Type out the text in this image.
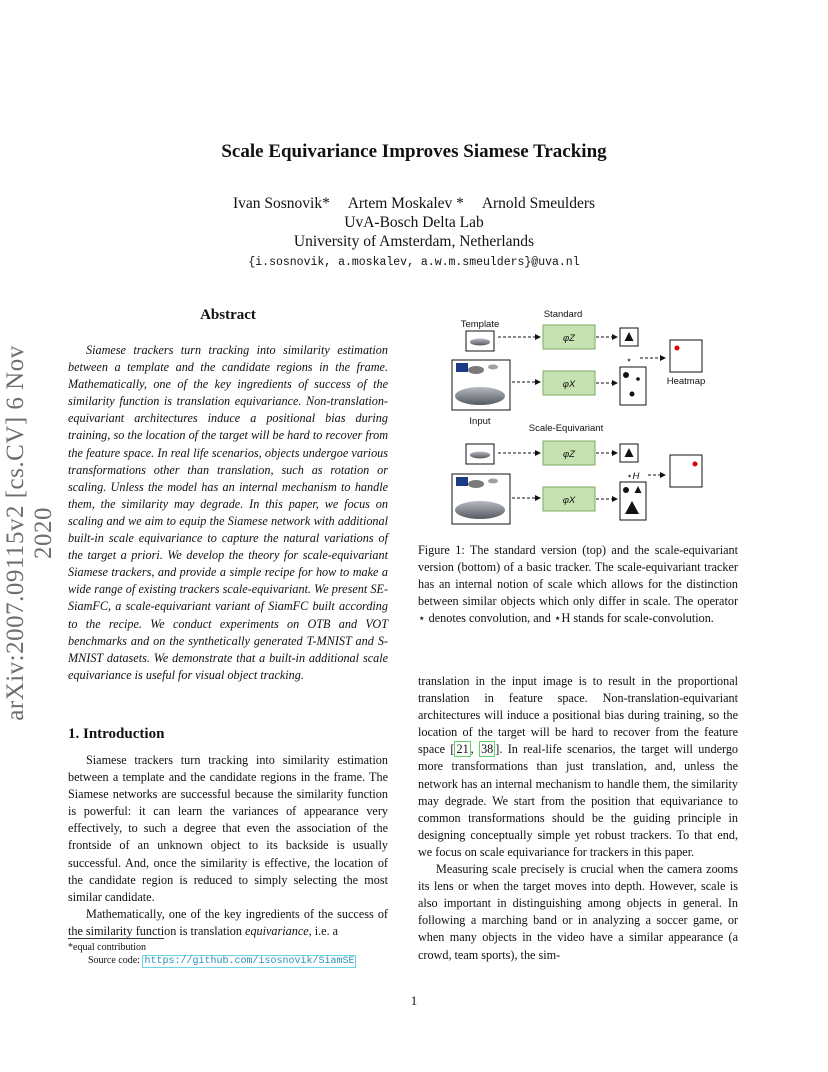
arXiv:2007.09115v2 [cs.CV] 6 Nov 2020
Scale Equivariance Improves Siamese Tracking
Ivan Sosnovik* Artem Moskalev * Arnold Smeulders
UvA-Bosch Delta Lab
University of Amsterdam, Netherlands
{i.sosnovik, a.moskalev, a.w.m.smeulders}@uva.nl
Abstract
Siamese trackers turn tracking into similarity estimation between a template and the candidate regions in the frame. Mathematically, one of the key ingredients of success of the similarity function is translation equivariance. Non-translation-equivariant architectures induce a positional bias during training, so the location of the target will be hard to recover from the feature space. In real life scenarios, objects undergoe various transformations other than translation, such as rotation or scaling. Unless the model has an internal mechanism to handle them, the similarity may degrade. In this paper, we focus on scaling and we aim to equip the Siamese network with additional built-in scale equivariance to capture the natural variations of the target a priori. We develop the theory for scale-equivariant Siamese trackers, and provide a simple recipe for how to make a wide range of existing trackers scale-equivariant. We present SE-SiamFC, a scale-equivariant variant of SiamFC built according to the recipe. We conduct experiments on OTB and VOT benchmarks and on the synthetically generated T-MNIST and S-MNIST datasets. We demonstrate that a built-in additional scale equivariance is useful for visual object tracking.
1. Introduction

Siamese trackers turn tracking into similarity estimation between a template and the candidate regions in the frame. The Siamese networks are successful because the similarity function is powerful: it can learn the variances of appearance very effectively, to such a degree that even the association of the frontside of an unknown object to its backside is usually successful. And, once the similarity is effective, the location of the candidate region is reduced to simply selecting the most similar candidate.

Mathematically, one of the key ingredients of the success of the similarity function is translation equivariance, i.e. a

*equal contribution
Source code: https://github.com/isosnovik/SiamSE
Standard
Template
φZ
φX
⋆
Heatmap
Input
Scale-Equivariant
φZ
φX
⋆H
Figure 1: The standard version (top) and the scale-equivariant version (bottom) of a basic tracker. The scale-equivariant tracker has an internal notion of scale which allows for the distinction between similar objects which only differ in scale. The operator ⋆ denotes convolution, and ⋆H stands for scale-convolution.

translation in the input image is to result in the proportional translation in feature space. Non-translation-equivariant architectures will induce a positional bias during training, so the location of the target will be hard to recover from the feature space [ 21 , 38 ]. In real-life scenarios, the target will undergo more transformations than just translation, and, unless the network has an internal mechanism to handle them, the similarity may degrade. We start from the position that equivariance to common transformations should be the guiding principle in designing conceptually simple yet robust trackers. To that end, we focus on scale equivariance for trackers in this paper.

Measuring scale precisely is crucial when the camera zooms its lens or when the target moves into depth. However, scale is also important in distinguishing among objects in general. In following a marching band or in analyzing a soccer game, or when many objects in the video have a similar appearance (a crowd, team sports), the sim-

1
